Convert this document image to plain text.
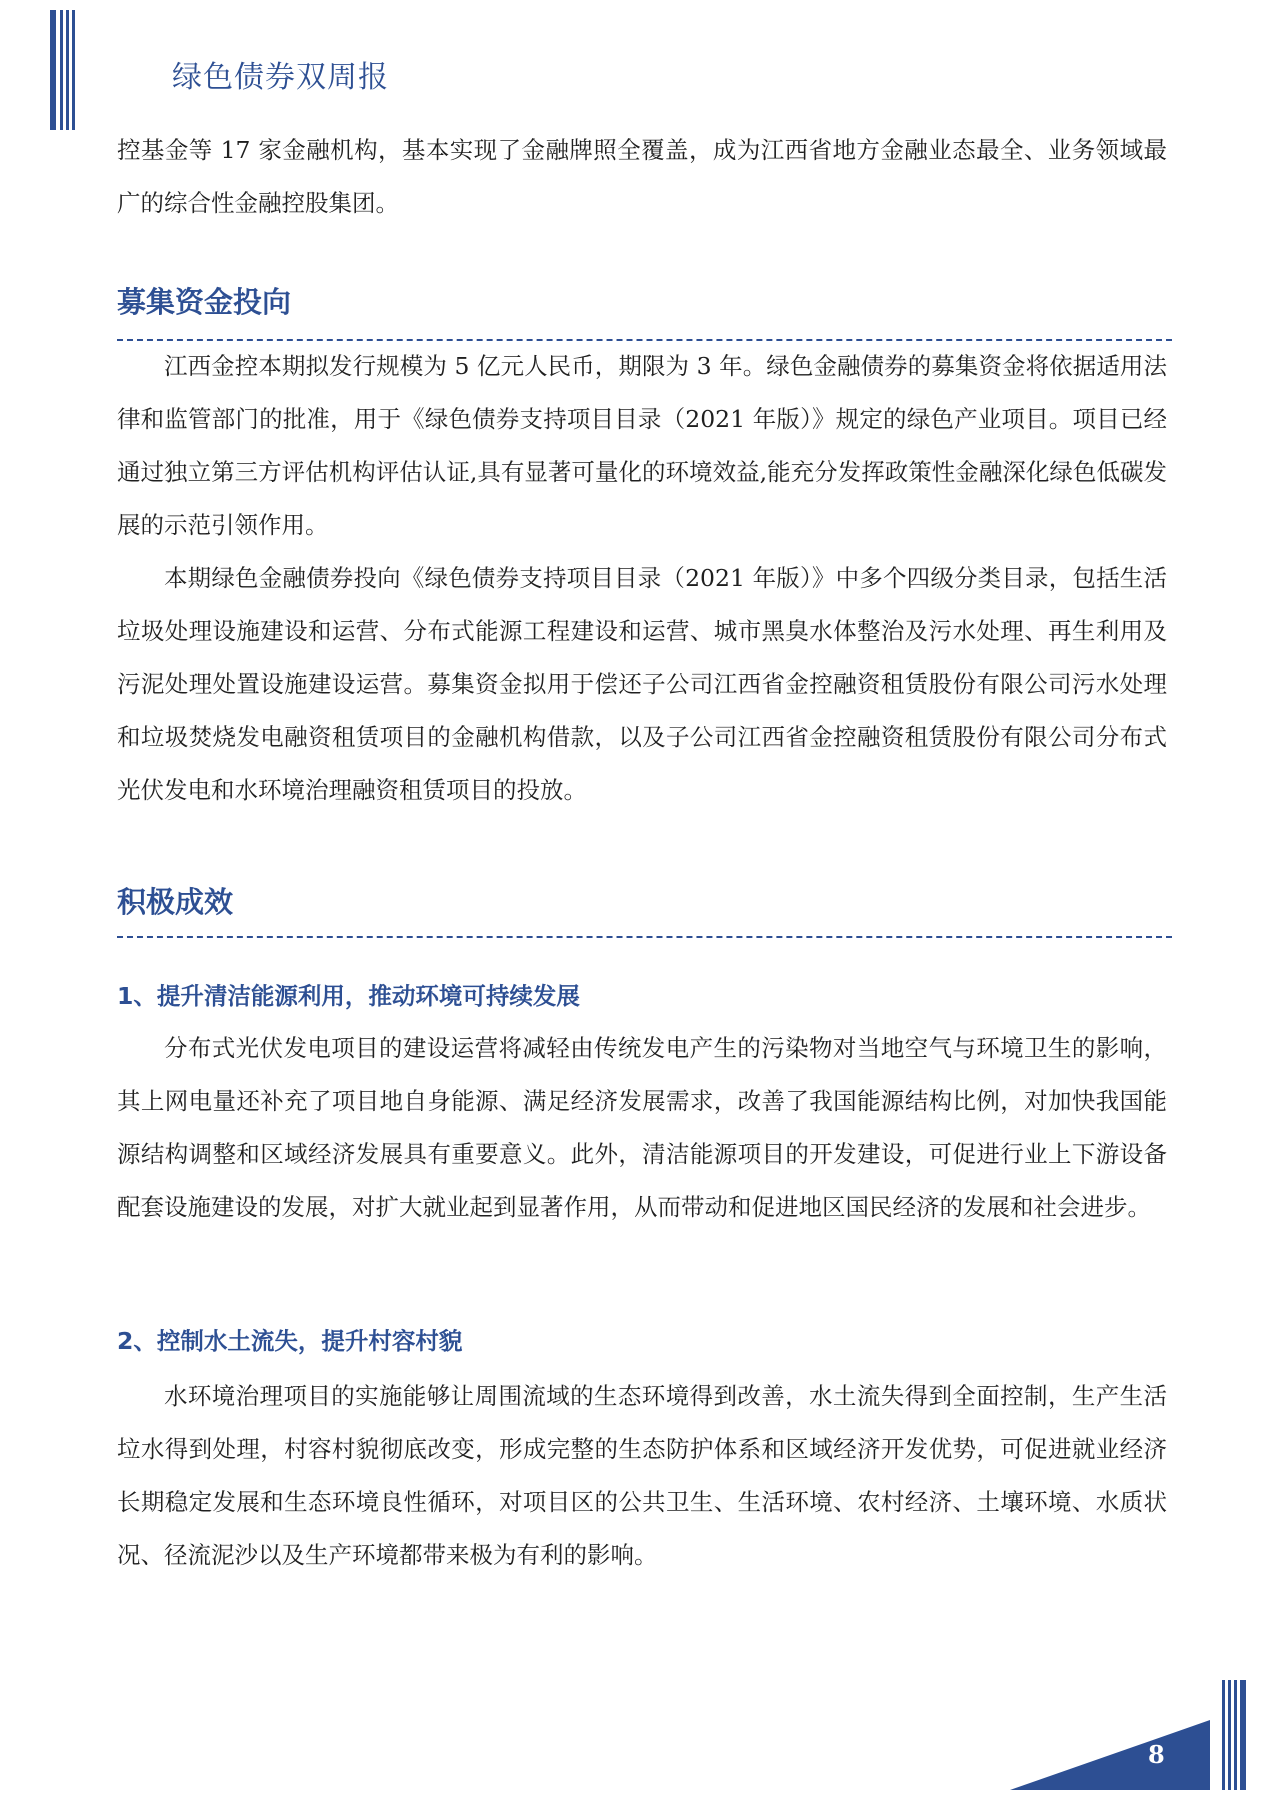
绿色债券双周报

控基金等 17 家金融机构，基本实现了金融牌照全覆盖，成为江西省地方金融业态最全、业务领域最广的综合性金融控股集团。

募集资金投向

江西金控本期拟发行规模为 5 亿元人民币，期限为 3 年。绿色金融债券的募集资金将依据适用法律和监管部门的批准，用于《绿色债券支持项目目录（2021 年版）》规定的绿色产业项目。项目已经通过独立第三方评估机构评估认证,具有显著可量化的环境效益,能充分发挥政策性金融深化绿色低碳发展的示范引领作用。

本期绿色金融债券投向《绿色债券支持项目目录（2021 年版）》中多个四级分类目录，包括生活垃圾处理设施建设和运营、分布式能源工程建设和运营、城市黑臭水体整治及污水处理、再生利用及污泥处理处置设施建设运营。募集资金拟用于偿还子公司江西省金控融资租赁股份有限公司污水处理和垃圾焚烧发电融资租赁项目的金融机构借款，以及子公司江西省金控融资租赁股份有限公司分布式光伏发电和水环境治理融资租赁项目的投放。

积极成效
1、提升清洁能源利用，推动环境可持续发展

分布式光伏发电项目的建设运营将减轻由传统发电产生的污染物对当地空气与环境卫生的影响，其上网电量还补充了项目地自身能源、满足经济发展需求，改善了我国能源结构比例，对加快我国能源结构调整和区域经济发展具有重要意义。此外，清洁能源项目的开发建设，可促进行业上下游设备配套设施建设的发展，对扩大就业起到显著作用，从而带动和促进地区国民经济的发展和社会进步。

2、控制水土流失，提升村容村貌

水环境治理项目的实施能够让周围流域的生态环境得到改善，水土流失得到全面控制，生产生活垃水得到处理，村容村貌彻底改变，形成完整的生态防护体系和区域经济开发优势，可促进就业经济长期稳定发展和生态环境良性循环，对项目区的公共卫生、生活环境、农村经济、土壤环境、水质状况、径流泥沙以及生产环境都带来极为有利的影响。

8
